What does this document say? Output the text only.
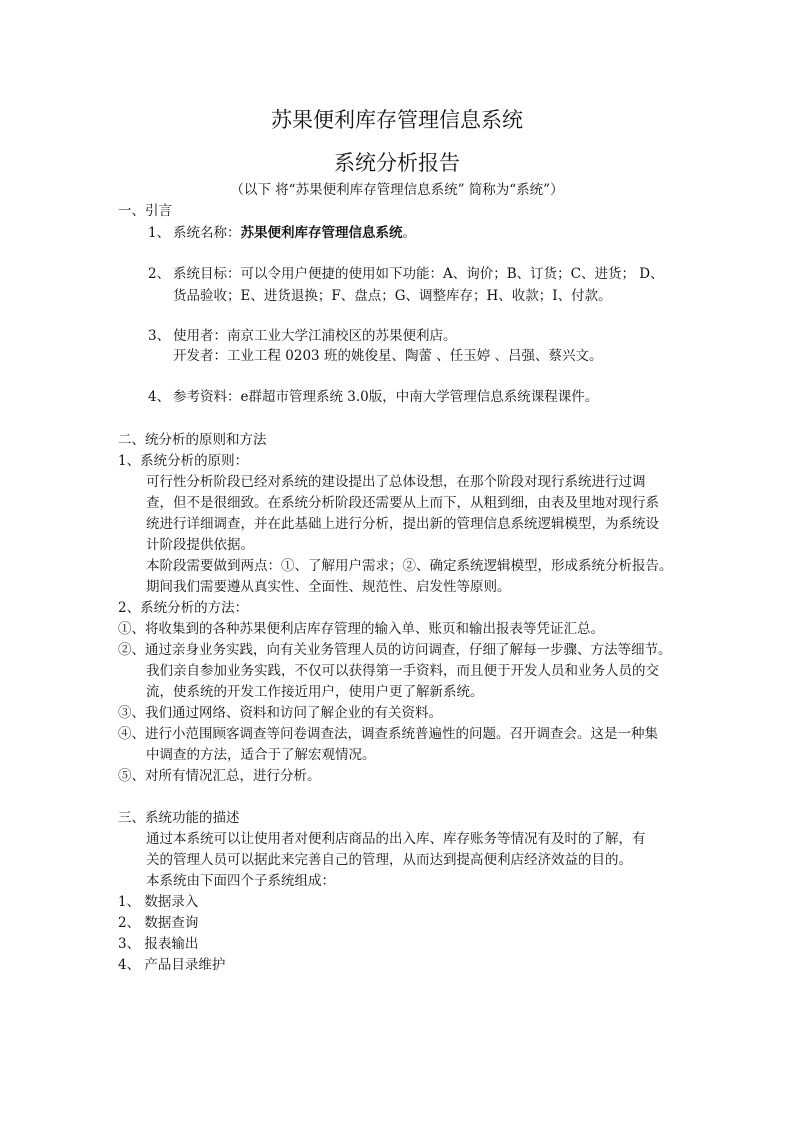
苏果便利库存管理信息系统
系统分析报告
（以下 将“苏果便利库存管理信息系统” 简称为“系统”）
一、引言
1、 系统名称：苏果便利库存管理信息系统。
2、 系统目标：可以令用户便捷的使用如下功能：A、询价；B、订货；C、进货； D、
货品验收；E、进货退换；F、盘点；G、调整库存；H、收款；I、付款。
3、 使用者：南京工业大学江浦校区的苏果便利店。
开发者：工业工程 0203 班的姚俊星、陶蕾 、任玉婷 、吕强、蔡兴文。
4、 参考资料：e群超市管理系统 3.0版，中南大学管理信息系统课程课件。
二、统分析的原则和方法
1、系统分析的原则：
可行性分析阶段已经对系统的建设提出了总体设想，在那个阶段对现行系统进行过调
查，但不是很细致。在系统分析阶段还需要从上而下，从粗到细，由表及里地对现行系
统进行详细调查，并在此基础上进行分析，提出新的管理信息系统逻辑模型，为系统设
计阶段提供依据。
本阶段需要做到两点：①、了解用户需求；②、确定系统逻辑模型，形成系统分析报告。
期间我们需要遵从真实性、全面性、规范性、启发性等原则。
2、系统分析的方法：
①、将收集到的各种苏果便利店库存管理的输入单、账页和输出报表等凭证汇总。
②、通过亲身业务实践，向有关业务管理人员的访问调查，仔细了解每一步骤、方法等细节。
我们亲自参加业务实践，不仅可以获得第一手资料，而且便于开发人员和业务人员的交
流，使系统的开发工作接近用户，使用户更了解新系统。
③、我们通过网络、资料和访问了解企业的有关资料。
④、进行小范围顾客调查等问卷调查法，调查系统普遍性的问题。召开调查会。这是一种集
中调查的方法，适合于了解宏观情况。
⑤、对所有情况汇总，进行分析。
三、系统功能的描述
通过本系统可以让使用者对便利店商品的出入库、库存账务等情况有及时的了解，有
关的管理人员可以据此来完善自己的管理，从而达到提高便利店经济效益的目的。
本系统由下面四个子系统组成：
1、 数据录入
2、 数据查询
3、 报表输出
4、 产品目录维护
